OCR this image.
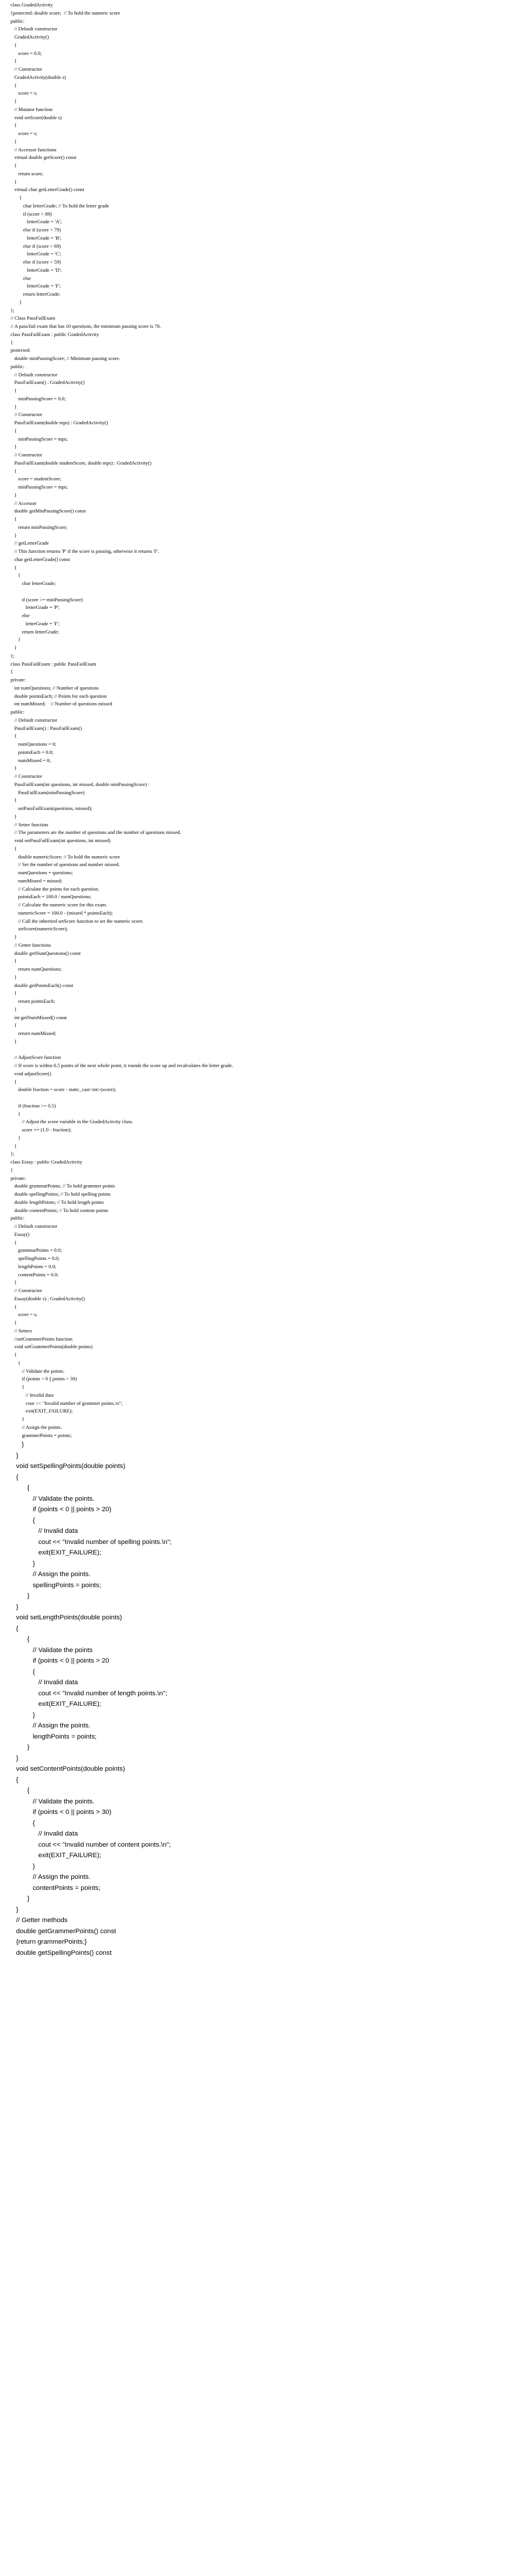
class GradedActivity
{protected: double score;  // To hold the numeric score
public:
// Default constructor
GradedActivity()
{
score = 0.0;
}
// Constructor
GradedActivity(double s)
{
score = s;
}
// Mutator function
void setScore(double s)
{
score = s;
}
// Accessor functions
virtual double getScore() const
{
return score;
}
virtual char getLetterGrade() const
{
char letterGrade; // To hold the letter grade
if (score > 89)
letterGrade = 'A';
else if (score > 79)
letterGrade = 'B';
else if (score > 69)
letterGrade = 'C';
else if (score > 59)
letterGrade = 'D';
else
letterGrade = 'F';
return letterGrade;
}
};
// Class PassFailExam
// A pass/fail exam that has 10 questions, the minimum passing score is 70.
class PassFailExam : public GradedActivity
{
protected:
double minPassingScore; // Minimum passing score.
public:
// Default constructor
PassFailExam() : GradedActivity()
{
minPassingScore = 0.0;
}
// Constructor
PassFailExam(double mps) : GradedActivity()
{
minPassingScore = mps;
}
// Constructor
PassFailExam(double studentScore, double mps) : GradedActivity()
{
score = studentScore;
minPassingScore = mps;
}
// Accessor
double getMinPassingScore() const
{
return minPassingScore;
}
// getLetterGrade
// This function returns 'P' if the score is passing, otherwise it returns 'F'.
char getLetterGrade() const
{
{
char letterGrade;
if (score >= minPassingScore)
letterGrade = 'P';
else
letterGrade = 'F';
return letterGrade;
}
}
};
class PassFailExam : public PassFailExam
{
private:
int numQuestions; // Number of questions
double pointsEach; // Points for each question
int numMissed;    // Number of questions missed
public:
// Default constructor
PassFailExam() : PassFailExam()
{
numQuestions = 0;
pointsEach = 0.0;
numMissed = 0;
}
// Constructor
PassFailExam(int questions, int missed, double minPassingScore) :
PassFailExam(minPassingScore)
{
setPassFailExam(questions, missed);
}
// Setter function
// The parameters are the number of questions and the number of questions missed.
void setPassFailExam(int questions, int missed)
{
double numericScore; // To hold the numeric score
// Set the number of questions and number missed.
numQuestions = questions;
numMissed = missed;
// Calculate the points for each question.
pointsEach = 100.0 / numQuestions;
// Calculate the numeric score for this exam.
numericScore = 100.0 - (missed * pointsEach);
// Call the inherited setScore function to set the numeric score.
setScore(numericScore);
}
// Getter functions
double getNumQuestions() const
{
return numQuestions;
}
double getPointsEach() const
{
return pointsEach;
}
int getNumMissed() const
{
return numMissed;
}
// AdjustScore function
// If score is within 0.5 points of the next whole point, it rounds the score up and recalculates the letter grade.
void adjustScore()
{
double fraction = score - static_cast<int>(score);
if (fraction >= 0.5)
{
// Adjust the score variable in the GradedActivity class.
score += (1.0 - fraction);
}
}
};
class Essay : public GradedActivity
{
private:
double grammarPoints; // To hold grammer points
double spellingPoints; // To hold spelling points
double lengthPoints; // To hold length points
double contentPoints; // To hold content points
public:
// Default constructor
Essay()
{
grammarPoints = 0.0;
spellingPoints = 0.0;
lengthPoints = 0.0;
contentPoints = 0.0;
}
// Constructor
Essay(double s) : GradedActivity()
{
score = s;
}
// Setters
//setGrammerPoints function
void setGrammerPoints(double points)
{
{
// Validate the points.
if (points < 0 || points > 30)
{
// Invalid data
cout << "Invalid number of grammer points.\n";
exit(EXIT_FAILURE);
}
// Assign the points.
grammerPoints = points;
}
}
void setSpellingPoints(double points)
{
{
// Validate the points.
if (points < 0 || points > 20)
{
// Invalid data
cout << "Invalid number of spelling points.\n";
exit(EXIT_FAILURE);
}
// Assign the points.
spellingPoints = points;
}
}
void setLengthPoints(double points)
{
{
// Validate the points
if (points < 0 || points > 20
{
// Invalid data
cout << "Invalid number of length points.\n";
exit(EXIT_FAILURE);
}
// Assign the points.
lengthPoints = points;
}
}
void setContentPoints(double points)
{
{
// Validate the points.
if (points < 0 || points > 30)
{
// Invalid data
cout << "Invalid number of content points.\n";
exit(EXIT_FAILURE);
}
// Assign the points.
contentPoints = points;
}
}
// Getter methods
double getGrammerPoints() const
{return grammerPoints;}
double getSpellingPoints() const
